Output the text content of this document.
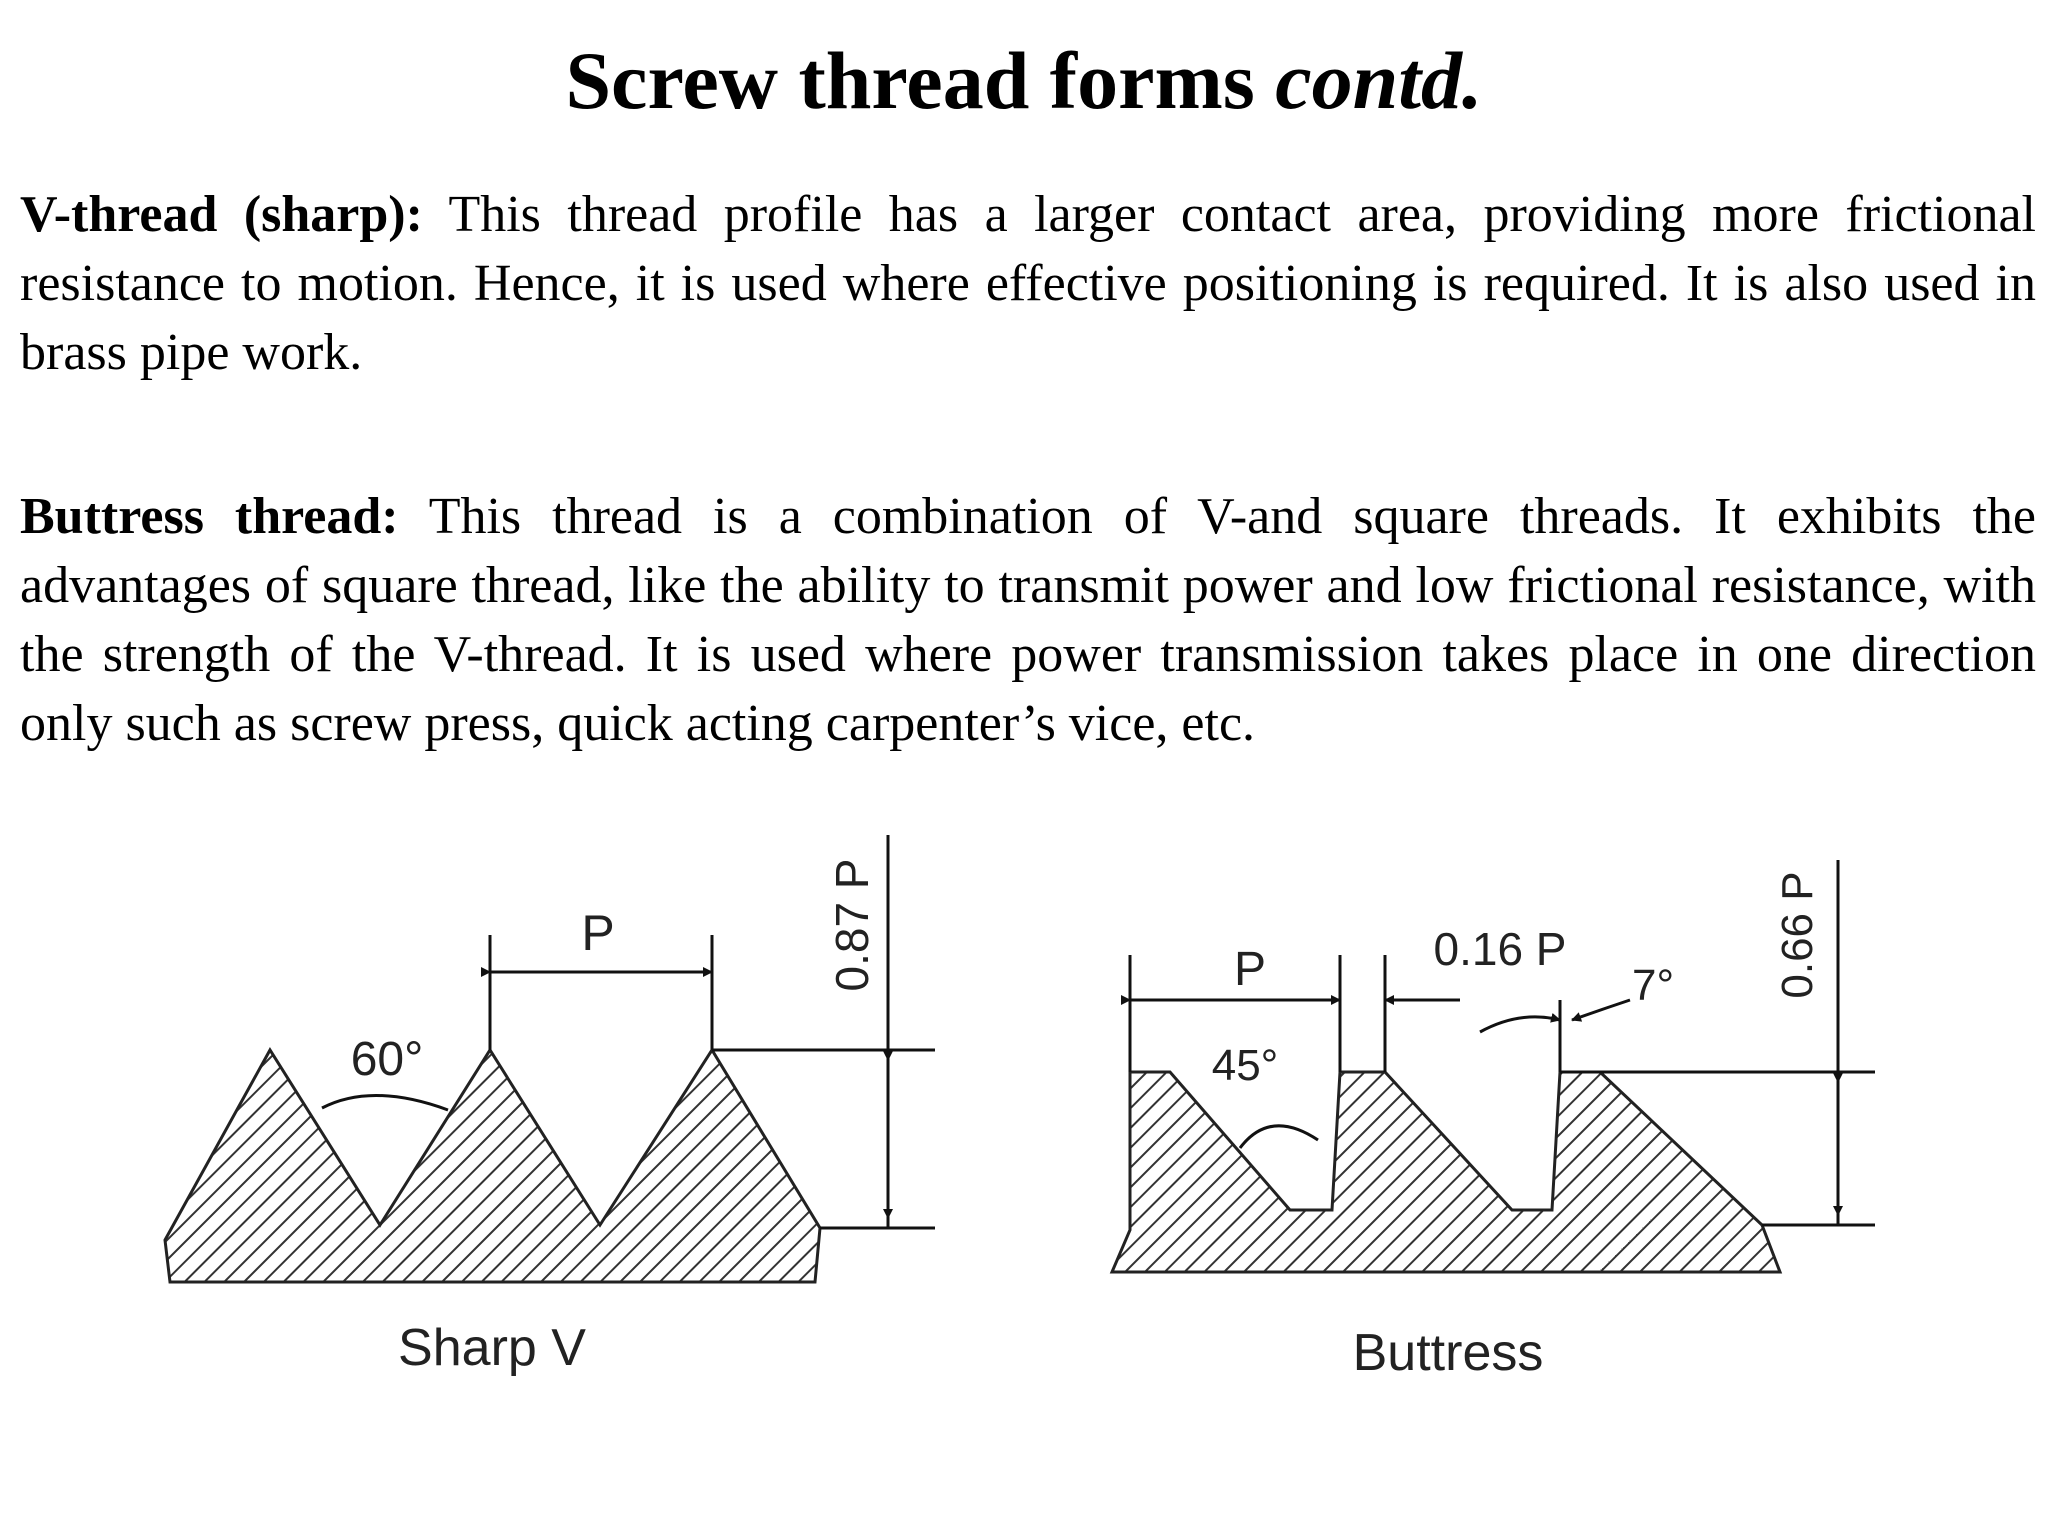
Screw thread forms contd.
V-thread (sharp): This thread profile has a larger contact area, providing more frictional resistance to motion. Hence, it is used where effective positioning is required. It is also used in brass pipe work.
Buttress thread: This thread is a combination of V-and square threads. It exhibits the advantages of square thread, like the ability to transmit power and low frictional resistance, with the strength of the V-thread. It is used where power transmission takes place in one direction only such as screw press, quick acting carpenter’s vice, etc.
P
60°
0.87 P
Sharp V
P	0.16 P
45°
7° 0.66 P
Buttress
